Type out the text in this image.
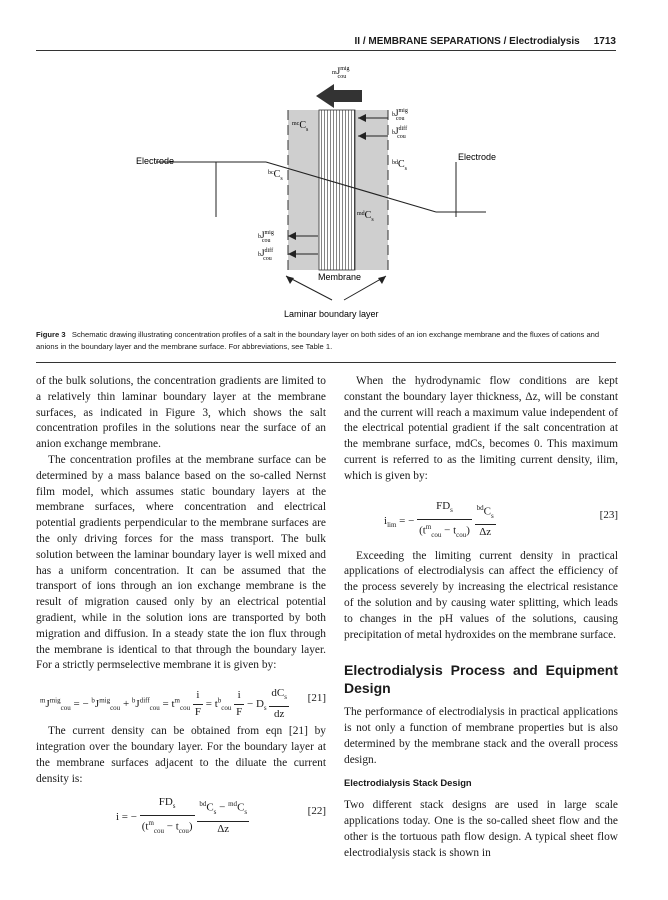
II / MEMBRANE SEPARATIONS / Electrodialysis 1713
Electrode	Electrode
$mJ^{mig}$ cou
$bJ^{mig}$ cou
$bJ^{diff}$ cou
$bJ^{mig}$ cou
$bJ^{diff}$ cou
$^{mc}C_s$
$^{bc}C_s$
$^{bd}C_s$
$^{md}C_s$
Membrane
Laminar boundary layer
Figure 3 Schematic drawing illustrating concentration profiles of a salt in the boundary layer on both sides of an ion exchange membrane and the fluxes of cations and anions in the boundary layer and the membrane surface. For abbreviations, see Table 1.

of the bulk solutions, the concentration gradients are limited to a relatively thin laminar boundary layer at the membrane surfaces, as indicated in Figure 3, which shows the salt concentration profiles in the solutions near the surface of an anion exchange membrane.

The concentration profiles at the membrane surface can be determined by a mass balance based on the so-called Nernst film model, which assumes static boundary layers at the membrane surfaces, where concentration and electrical potential gradients perpendicular to the membrane surfaces are the only driving forces for the mass transport. The bulk solution between the laminar boundary layer is well mixed and has a uniform concentration. It can be assumed that the transport of ions through an ion exchange membrane is the result of migration caused only by an electrical potential gradient, while in the solution ions are transported by both migration and diffusion. In a steady state the ion flux through the membrane is identical to that through the boundary layer. For a strictly permselective membrane it is given by:

$^mJ^{mig}_{cou}$ = − $^bJ^{mig}_{cou} + ^bJ^{diff}_{cou} = t^m_{cou} \frac{i}{F} = t^b_{cou} \frac{i}{F} - D_s \frac{dC_s}{dz} [21]$

The current density can be obtained from eqn [21] by integration over the boundary layer. For the boundary layer at the membrane surfaces adjacent to the diluate the current density is:

i = − $\frac{FD_s}{(t^m_{cou} - t_{cou})}$
$\frac{^{bd}C_s - ^{md}C_s}{\Delta z}$	[22]

When the hydrodynamic flow conditions are kept constant the boundary layer thickness, Δz, will be constant and the current will reach a maximum value independent of the electrical potential gradient if the salt concentration at the membrane surface, mdCs, becomes 0. This maximum current is referred to as the limiting current density, ilim, which is given by:

$i_{lim}$ = − $\frac{FD_s}{(t^m_{cou} - t_{cou})}$
$\frac{^{bd}C_s}{\Delta z}$	[23]

Exceeding the limiting current density in practical applications of electrodialysis can affect the efficiency of the process severely by increasing the electrical resistance of the solution and by causing water splitting, which leads to changes in the pH values of the solutions, causing precipitation of metal hydroxides on the membrane surface.

Electrodialysis Process and Equipment Design

The performance of electrodialysis in practical applications is not only a function of membrane properties but is also determined by the membrane stack and the overall process design.

Electrodialysis Stack Design

Two different stack designs are used in large scale applications today. One is the so-called sheet flow and the other is the tortuous path flow design. A typical sheet flow electrodialysis stack is shown in
